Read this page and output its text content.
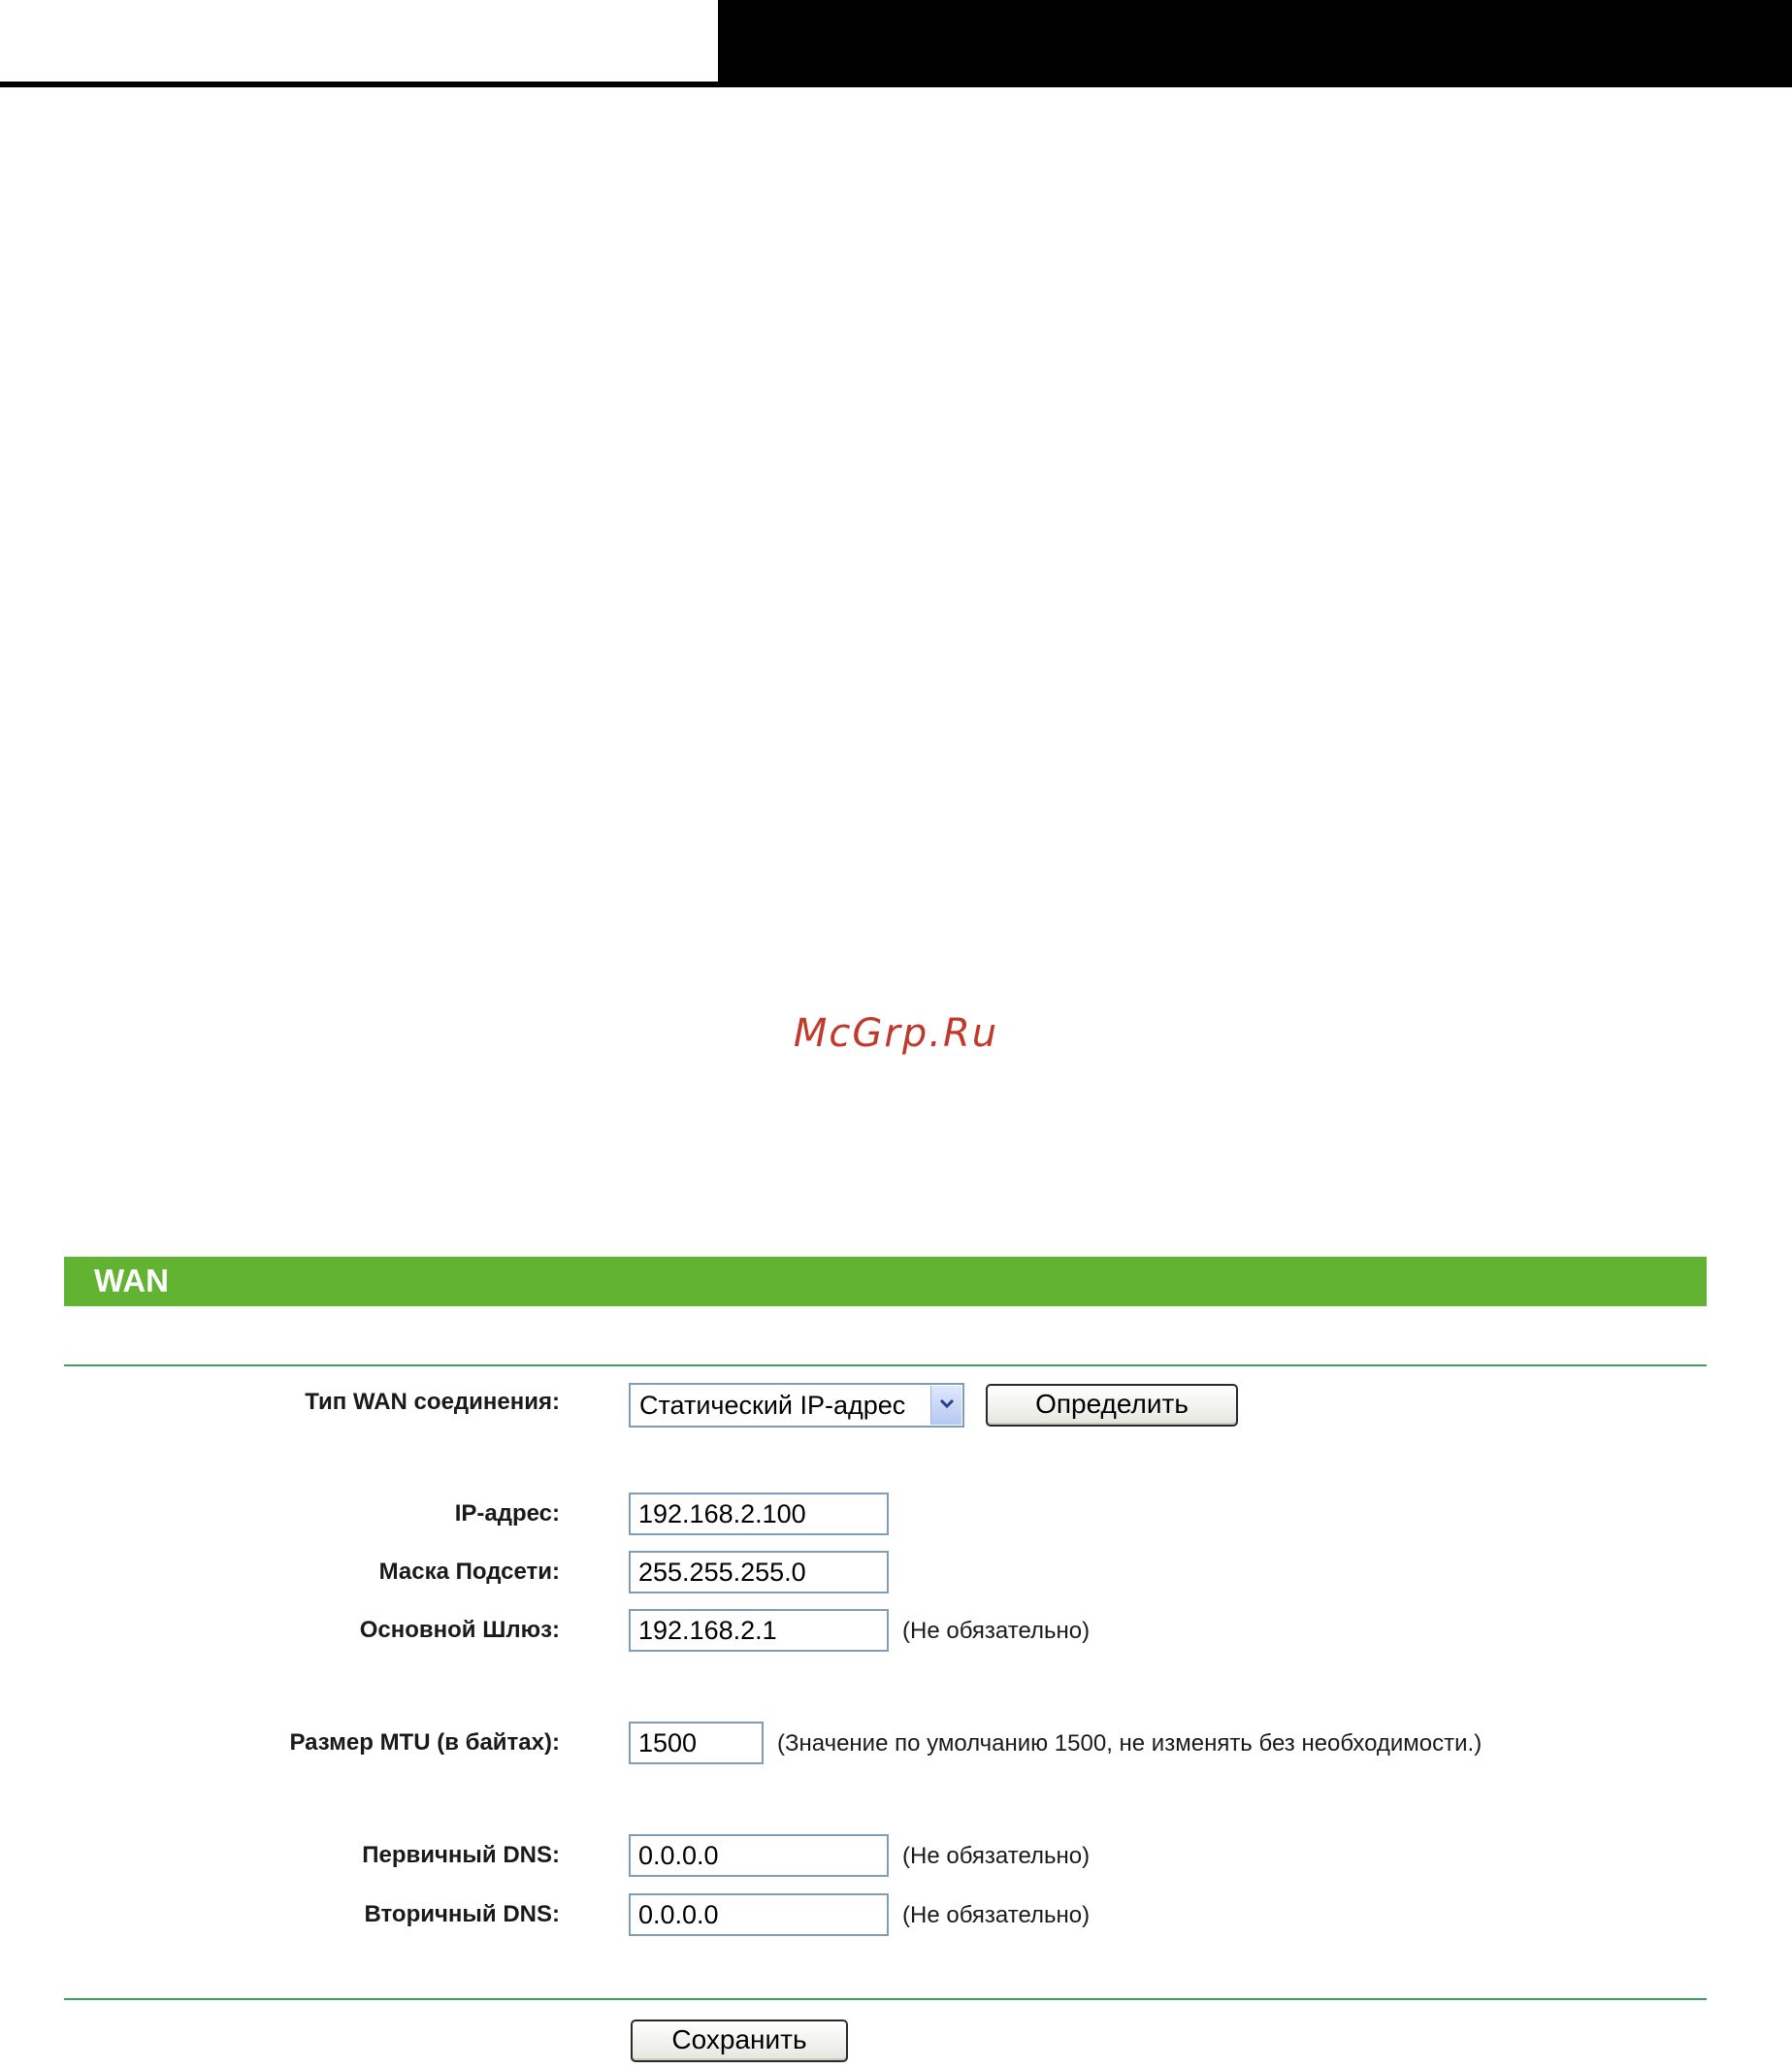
McGrp.Ru
WAN
Тип WAN соединения:	Статический IP-адрес	Определить
IP-адрес:	192.168.2.100
Маска Подсети:	255.255.255.0
Основной Шлюз:	192.168.2.1	(Не обязательно)
Размер MTU (в байтах):	1500	(Значение по умолчанию 1500, не изменять без необходимости.)
Первичный DNS:	0.0.0.0	(Не обязательно)
Вторичный DNS:	0.0.0.0	(Не обязательно)
Сохранить
